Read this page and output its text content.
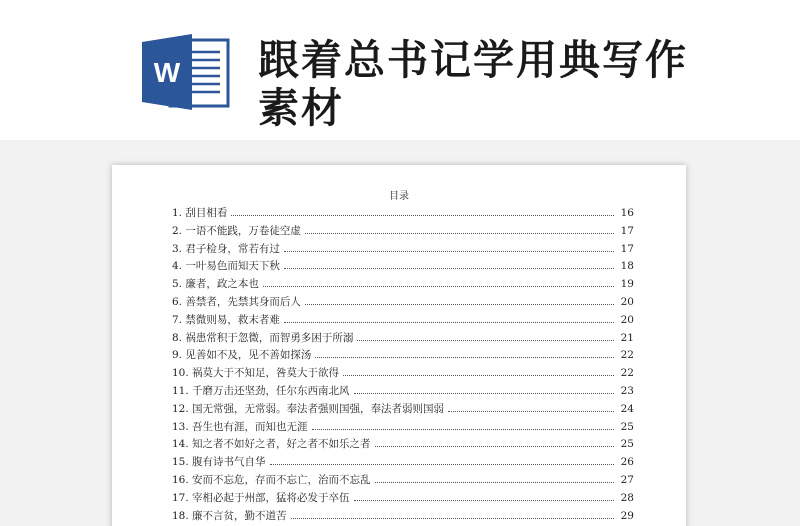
W 跟着总书记学用典写作素材
目录
1. 刮目相看	16
2. 一语不能践，万卷徒空虚	17
3. 君子检身，常若有过	17
4. 一叶易色而知天下秋	18
5. 廉者，政之本也	19
6. 善禁者，先禁其身而后人	20
7. 禁微则易，救末者难	20
8. 祸患常积于忽微，而智勇多困于所溺	21
9. 见善如不及，见不善如探汤	22
10. 祸莫大于不知足，咎莫大于欲得	22
11. 千磨万击还坚劲，任尔东西南北风	23
12. 国无常强，无常弱。奉法者强则国强，奉法者弱则国弱	24
13. 吾生也有涯，而知也无涯	25
14. 知之者不如好之者，好之者不如乐之者	25
15. 腹有诗书气自华	26
16. 安而不忘危，存而不忘亡，治而不忘乱	27
17. 宰相必起于州部，猛将必发于卒伍	28
18. 廉不言贫，勤不道苦	29
